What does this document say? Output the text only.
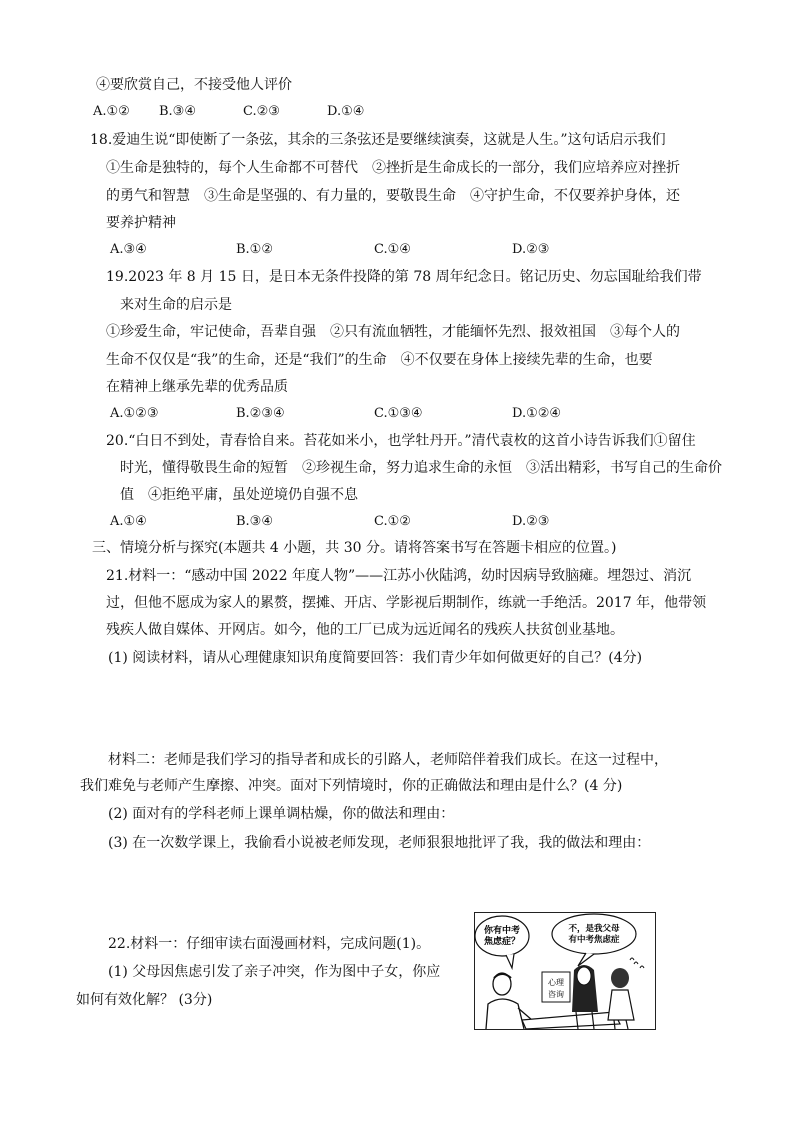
④要欣赏自己，不接受他人评价
A.①② B.③④	C.②③	D.①④
18.爱迪生说“即使断了一条弦，其余的三条弦还是要继续演奏，这就是人生。”这句话启示我们
①生命是独特的，每个人生命都不可替代　②挫折是生命成长的一部分，我们应培养应对挫折
的勇气和智慧　③生命是坚强的、有力量的，要敬畏生命　④守护生命，不仅要养护身体，还
要养护精神
A.③④	B.①②	C.①④	D.②③
19.2023 年 8 月 15 日，是日本无条件投降的第 78 周年纪念日。铭记历史、勿忘国耻给我们带
来对生命的启示是
①珍爱生命，牢记使命，吾辈自强　②只有流血牺牲，才能缅怀先烈、报效祖国　③每个人的
生命不仅仅是“我”的生命，还是“我们”的生命　④不仅要在身体上接续先辈的生命，也要
在精神上继承先辈的优秀品质
A.①②③	B.②③④	C.①③④	D.①②④
20.“白日不到处，青春恰自来。苔花如米小，也学牡丹开。”清代袁枚的这首小诗告诉我们①留住
时光，懂得敬畏生命的短暂　②珍视生命，努力追求生命的永恒　③活出精彩，书写自己的生命价
值　④拒绝平庸，虽处逆境仍自强不息
A.①④	B.③④	C.①②	D.②③
三、情境分析与探究(本题共 4 小题，共 30 分。请将答案书写在答题卡相应的位置。)
21.材料一：“感动中国 2022 年度人物”——江苏小伙陆鸿，幼时因病导致脑瘫。埋怨过、消沉
过，但他不愿成为家人的累赘，摆摊、开店、学影视后期制作，练就一手绝活。2017 年，他带领
残疾人做自媒体、开网店。如今，他的工厂已成为远近闻名的残疾人扶贫创业基地。
(1) 阅读材料，请从心理健康知识角度简要回答：我们青少年如何做更好的自己？(4分)
材料二：老师是我们学习的指导者和成长的引路人，老师陪伴着我们成长。在这一过程中，
我们难免与老师产生摩擦、冲突。面对下列情境时，你的正确做法和理由是什么？(4 分)
(2) 面对有的学科老师上课单调枯燥，你的做法和理由：
(3) 在一次数学课上，我偷看小说被老师发现，老师狠狠地批评了我，我的做法和理由：
22.材料一：仔细审读右面漫画材料，完成问题(1)。
(1) 父母因焦虑引发了亲子冲突，作为图中子女，你应
如何有效化解？ (3分)
你有中考
焦虑症？
不，是我父母
有中考焦虑症
心理
咨询
